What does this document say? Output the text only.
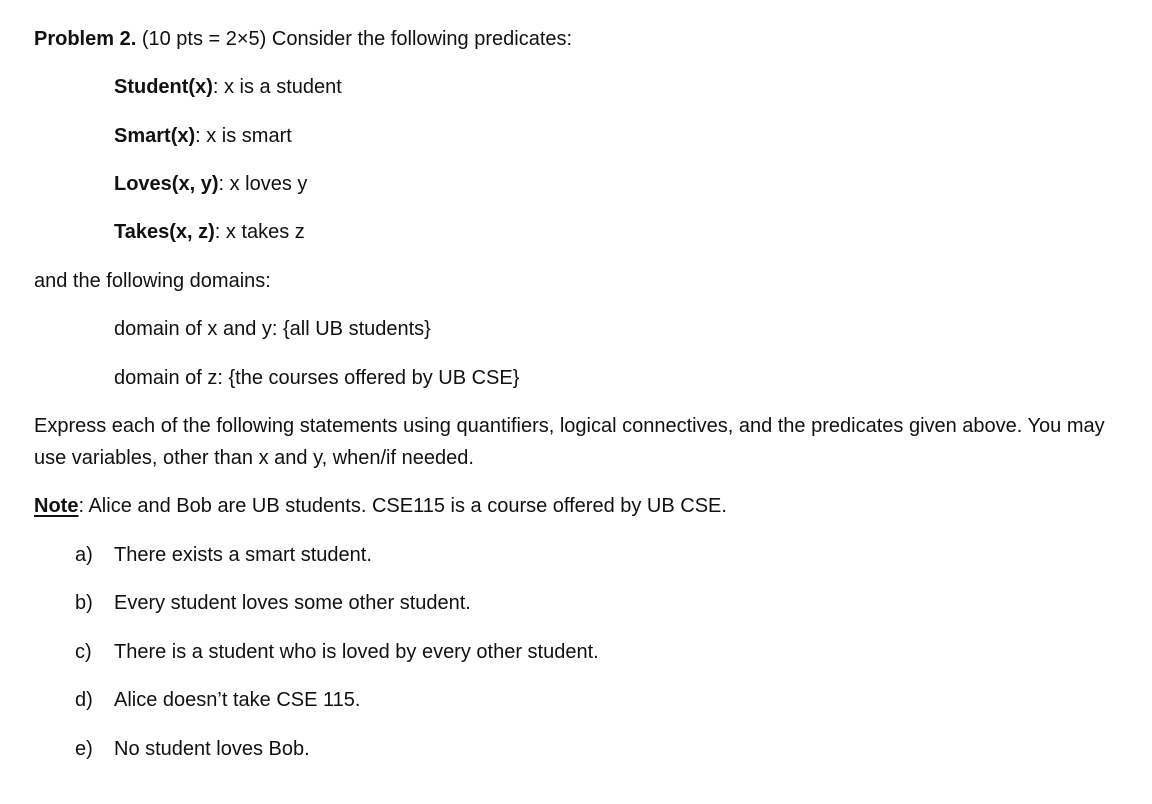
Problem 2. (10 pts = 2×5) Consider the following predicates:
Student(x): x is a student
Smart(x): x is smart
Loves(x, y): x loves y
Takes(x, z): x takes z
and the following domains:
domain of x and y: {all UB students}
domain of z: {the courses offered by UB CSE}
Express each of the following statements using quantifiers, logical connectives, and the predicates given above. You may use variables, other than x and y, when/if needed.
Note: Alice and Bob are UB students. CSE115 is a course offered by UB CSE.
a) There exists a smart student.
b) Every student loves some other student.
c) There is a student who is loved by every other student.
d) Alice doesn’t take CSE 115.
e) No student loves Bob.
